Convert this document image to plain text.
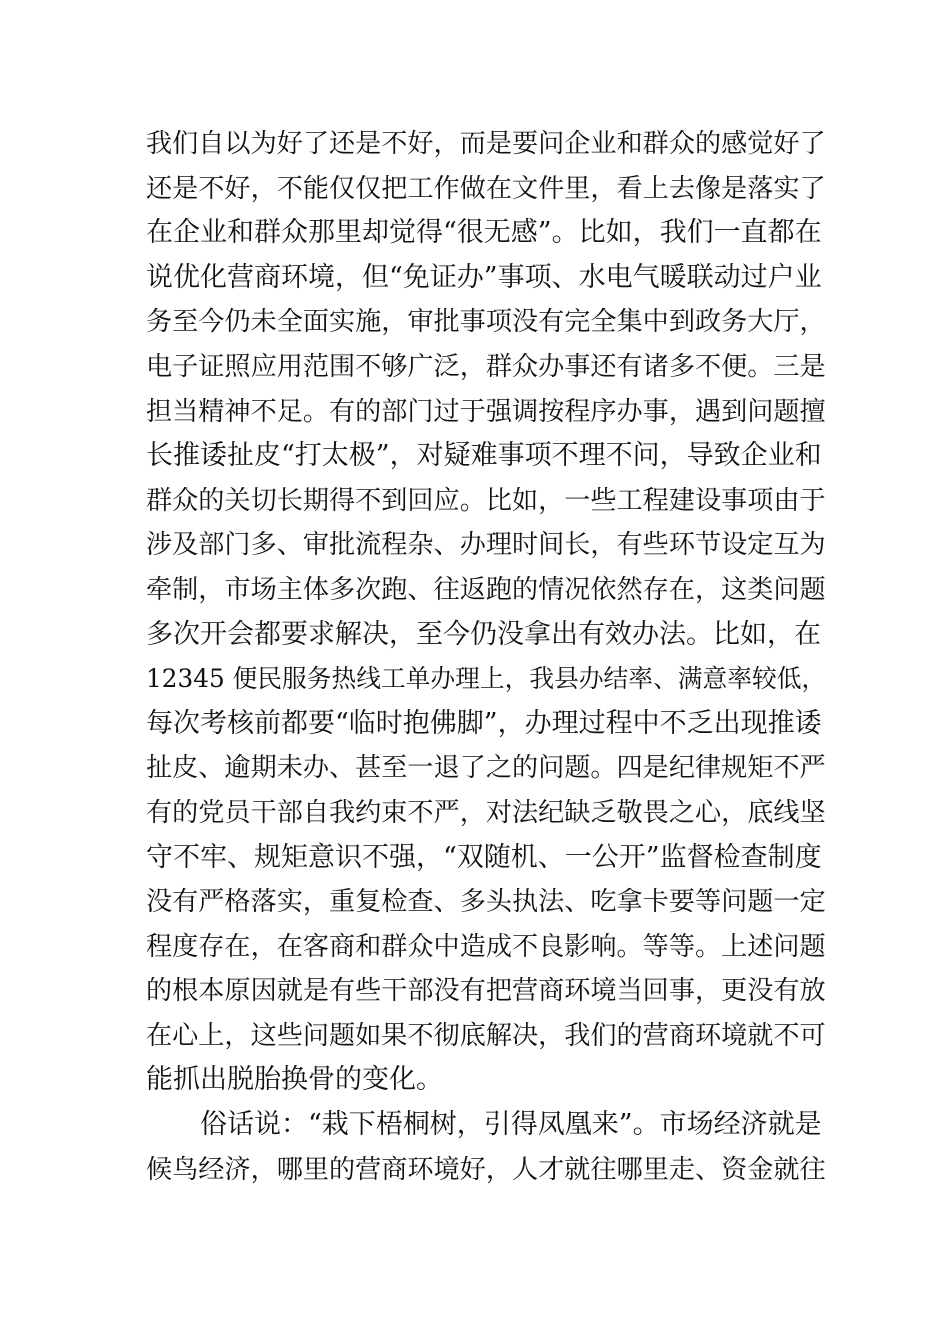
我们自以为好了还是不好，而是要问企业和群众的感觉好了
还是不好，不能仅仅把工作做在文件里，看上去像是落实了
在企业和群众那里却觉得“很无感”。比如，我们一直都在
说优化营商环境，但“免证办”事项、水电气暖联动过户业
务至今仍未全面实施，审批事项没有完全集中到政务大厅，
电子证照应用范围不够广泛，群众办事还有诸多不便。三是
担当精神不足。有的部门过于强调按程序办事，遇到问题擅
长推诿扯皮“打太极”，对疑难事项不理不问，导致企业和
群众的关切长期得不到回应。比如，一些工程建设事项由于
涉及部门多、审批流程杂、办理时间长，有些环节设定互为
牵制，市场主体多次跑、往返跑的情况依然存在，这类问题
多次开会都要求解决，至今仍没拿出有效办法。比如，在
12345 便民服务热线工单办理上，我县办结率、满意率较低，
每次考核前都要“临时抱佛脚”，办理过程中不乏出现推诿
扯皮、逾期未办、甚至一退了之的问题。四是纪律规矩不严
有的党员干部自我约束不严，对法纪缺乏敬畏之心，底线坚
守不牢、规矩意识不强，“双随机、一公开”监督检查制度
没有严格落实，重复检查、多头执法、吃拿卡要等问题一定
程度存在，在客商和群众中造成不良影响。等等。上述问题
的根本原因就是有些干部没有把营商环境当回事，更没有放
在心上，这些问题如果不彻底解决，我们的营商环境就不可
能抓出脱胎换骨的变化。
俗话说：“栽下梧桐树，引得凤凰来”。市场经济就是
候鸟经济，哪里的营商环境好，人才就往哪里走、资金就往
